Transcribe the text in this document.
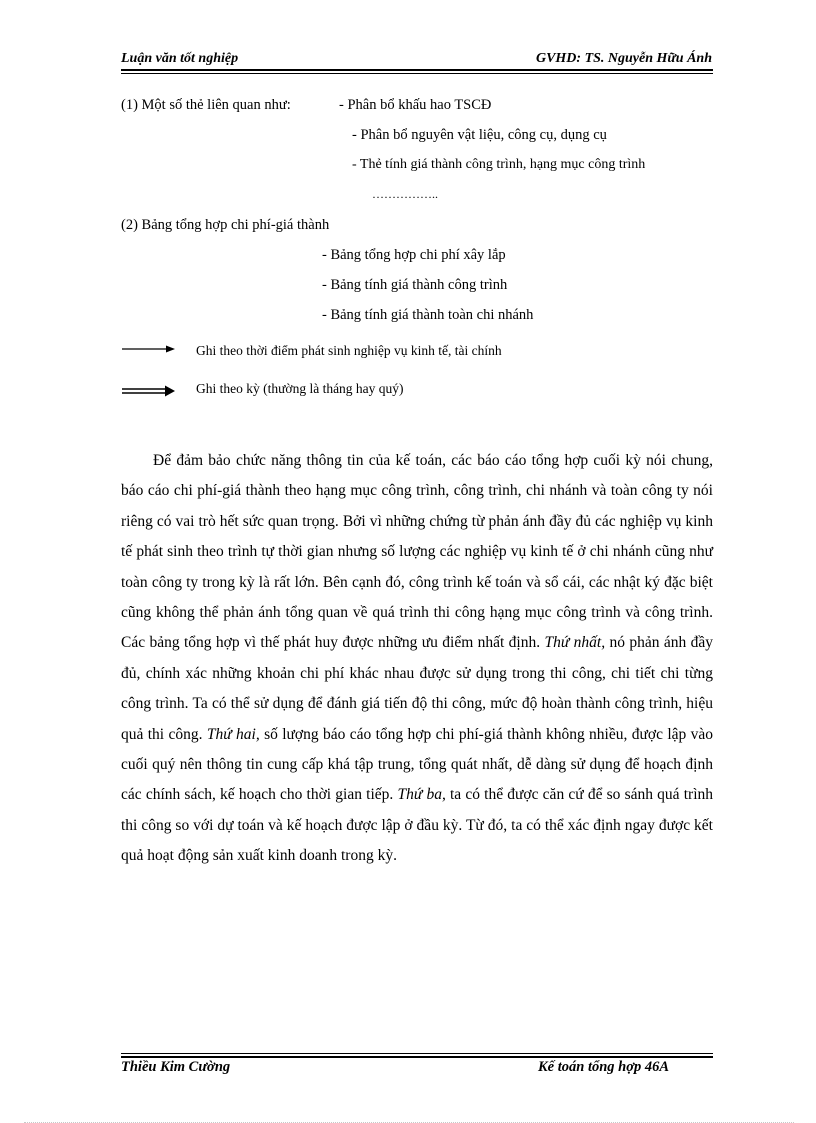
Luận văn tốt nghiệp	GVHD: TS. Nguyễn Hữu Ánh
(1) Một số thẻ liên quan như:	- Phân bổ khấu hao TSCĐ
- Phân bổ nguyên vật liệu, công cụ, dụng cụ
- Thẻ tính giá thành công trình, hạng mục công trình
……………..
(2) Bảng tổng hợp chi phí-giá thành
- Bảng tổng hợp chi phí xây lắp
- Bảng tính giá thành công trình
- Bảng tính giá thành toàn chi nhánh
Ghi theo thời điểm phát sinh nghiệp vụ kinh tế, tài chính
Ghi theo kỳ (thường là tháng hay quý)

Để đảm bảo chức năng thông tin của kế toán, các báo cáo tổng hợp cuối kỳ nói chung, báo cáo chi phí-giá thành theo hạng mục công trình, công trình, chi nhánh và toàn công ty nói riêng có vai trò hết sức quan trọng. Bởi vì những chứng từ phản ánh đầy đủ các nghiệp vụ kinh tế phát sinh theo trình tự thời gian nhưng số lượng các nghiệp vụ kinh tế ở chi nhánh cũng như toàn công ty trong kỳ là rất lớn. Bên cạnh đó, công trình kế toán và sổ cái, các nhật ký đặc biệt cũng không thể phản ánh tổng quan về quá trình thi công hạng mục công trình và công trình. Các bảng tổng hợp vì thế phát huy được những ưu điểm nhất định. Thứ nhất, nó phản ánh đầy đủ, chính xác những khoản chi phí khác nhau được sử dụng trong thi công, chi tiết chi từng công trình. Ta có thể sử dụng để đánh giá tiến độ thi công, mức độ hoàn thành công trình, hiệu quả thi công. Thứ hai, số lượng báo cáo tổng hợp chi phí-giá thành không nhiều, được lập vào cuối quý nên thông tin cung cấp khá tập trung, tổng quát nhất, dễ dàng sử dụng để hoạch định các chính sách, kế hoạch cho thời gian tiếp. Thứ ba, ta có thể được căn cứ để so sánh quá trình thi công so với dự toán và kế hoạch được lập ở đầu kỳ. Từ đó, ta có thể xác định ngay được kết quả hoạt động sản xuất kinh doanh trong kỳ.

Thiều Kim Cường	Kế toán tổng hợp 46A
